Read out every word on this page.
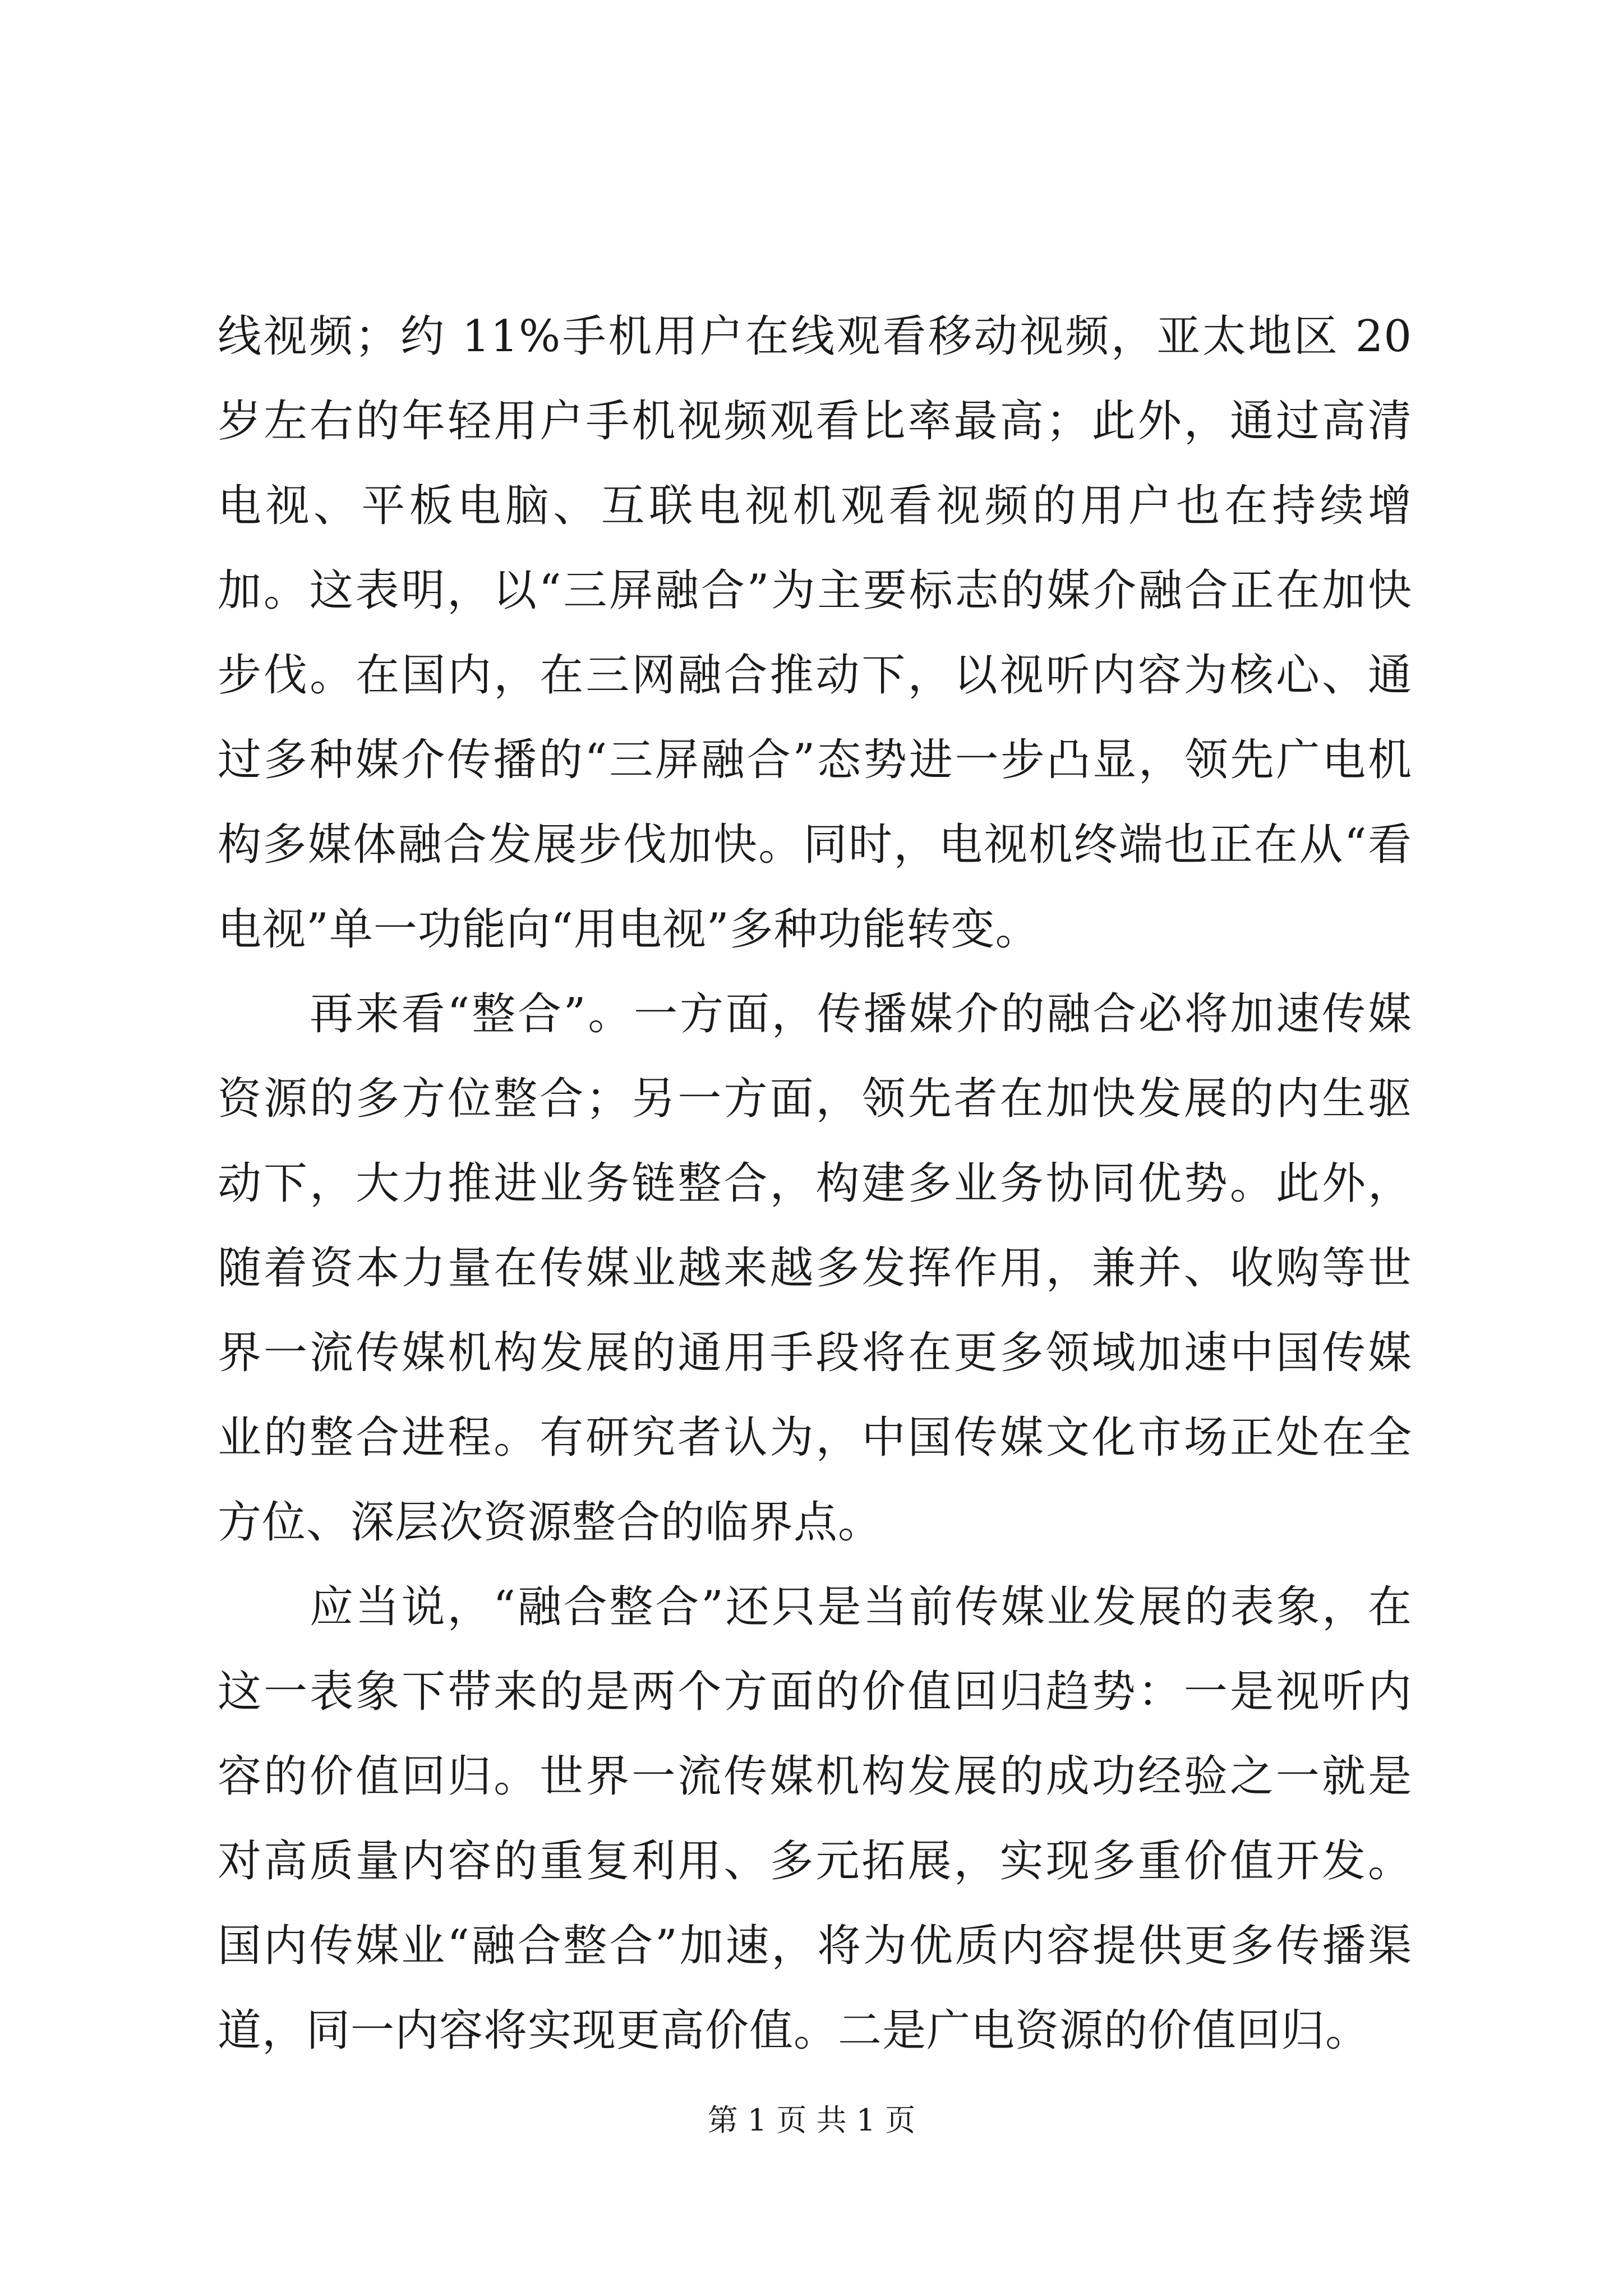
线视频；约 11%手机用户在线观看移动视频，亚太地区 20 岁左右的年轻用户手机视频观看比率最高；此外，通过高清电视、平板电脑、互联电视机观看视频的用户也在持续增加。这表明，以“三屏融合”为主要标志的媒介融合正在加快步伐。在国内，在三网融合推动下，以视听内容为核心、通过多种媒介传播的“三屏融合”态势进一步凸显，领先广电机构多媒体融合发展步伐加快。同时，电视机终端也正在从“看电视”单一功能向“用电视”多种功能转变。

再来看“整合”。一方面，传播媒介的融合必将加速传媒资源的多方位整合；另一方面，领先者在加快发展的内生驱动下，大力推进业务链整合，构建多业务协同优势。此外，随着资本力量在传媒业越来越多发挥作用，兼并、收购等世界一流传媒机构发展的通用手段将在更多领域加速中国传媒业的整合进程。有研究者认为，中国传媒文化市场正处在全方位、深层次资源整合的临界点。

应当说，“融合整合”还只是当前传媒业发展的表象，在这一表象下带来的是两个方面的价值回归趋势：一是视听内容的价值回归。世界一流传媒机构发展的成功经验之一就是对高质量内容的重复利用、多元拓展，实现多重价值开发。国内传媒业“融合整合”加速，将为优质内容提供更多传播渠道，同一内容将实现更高价值。二是广电资源的价值回归。

第 1 页 共 1 页
